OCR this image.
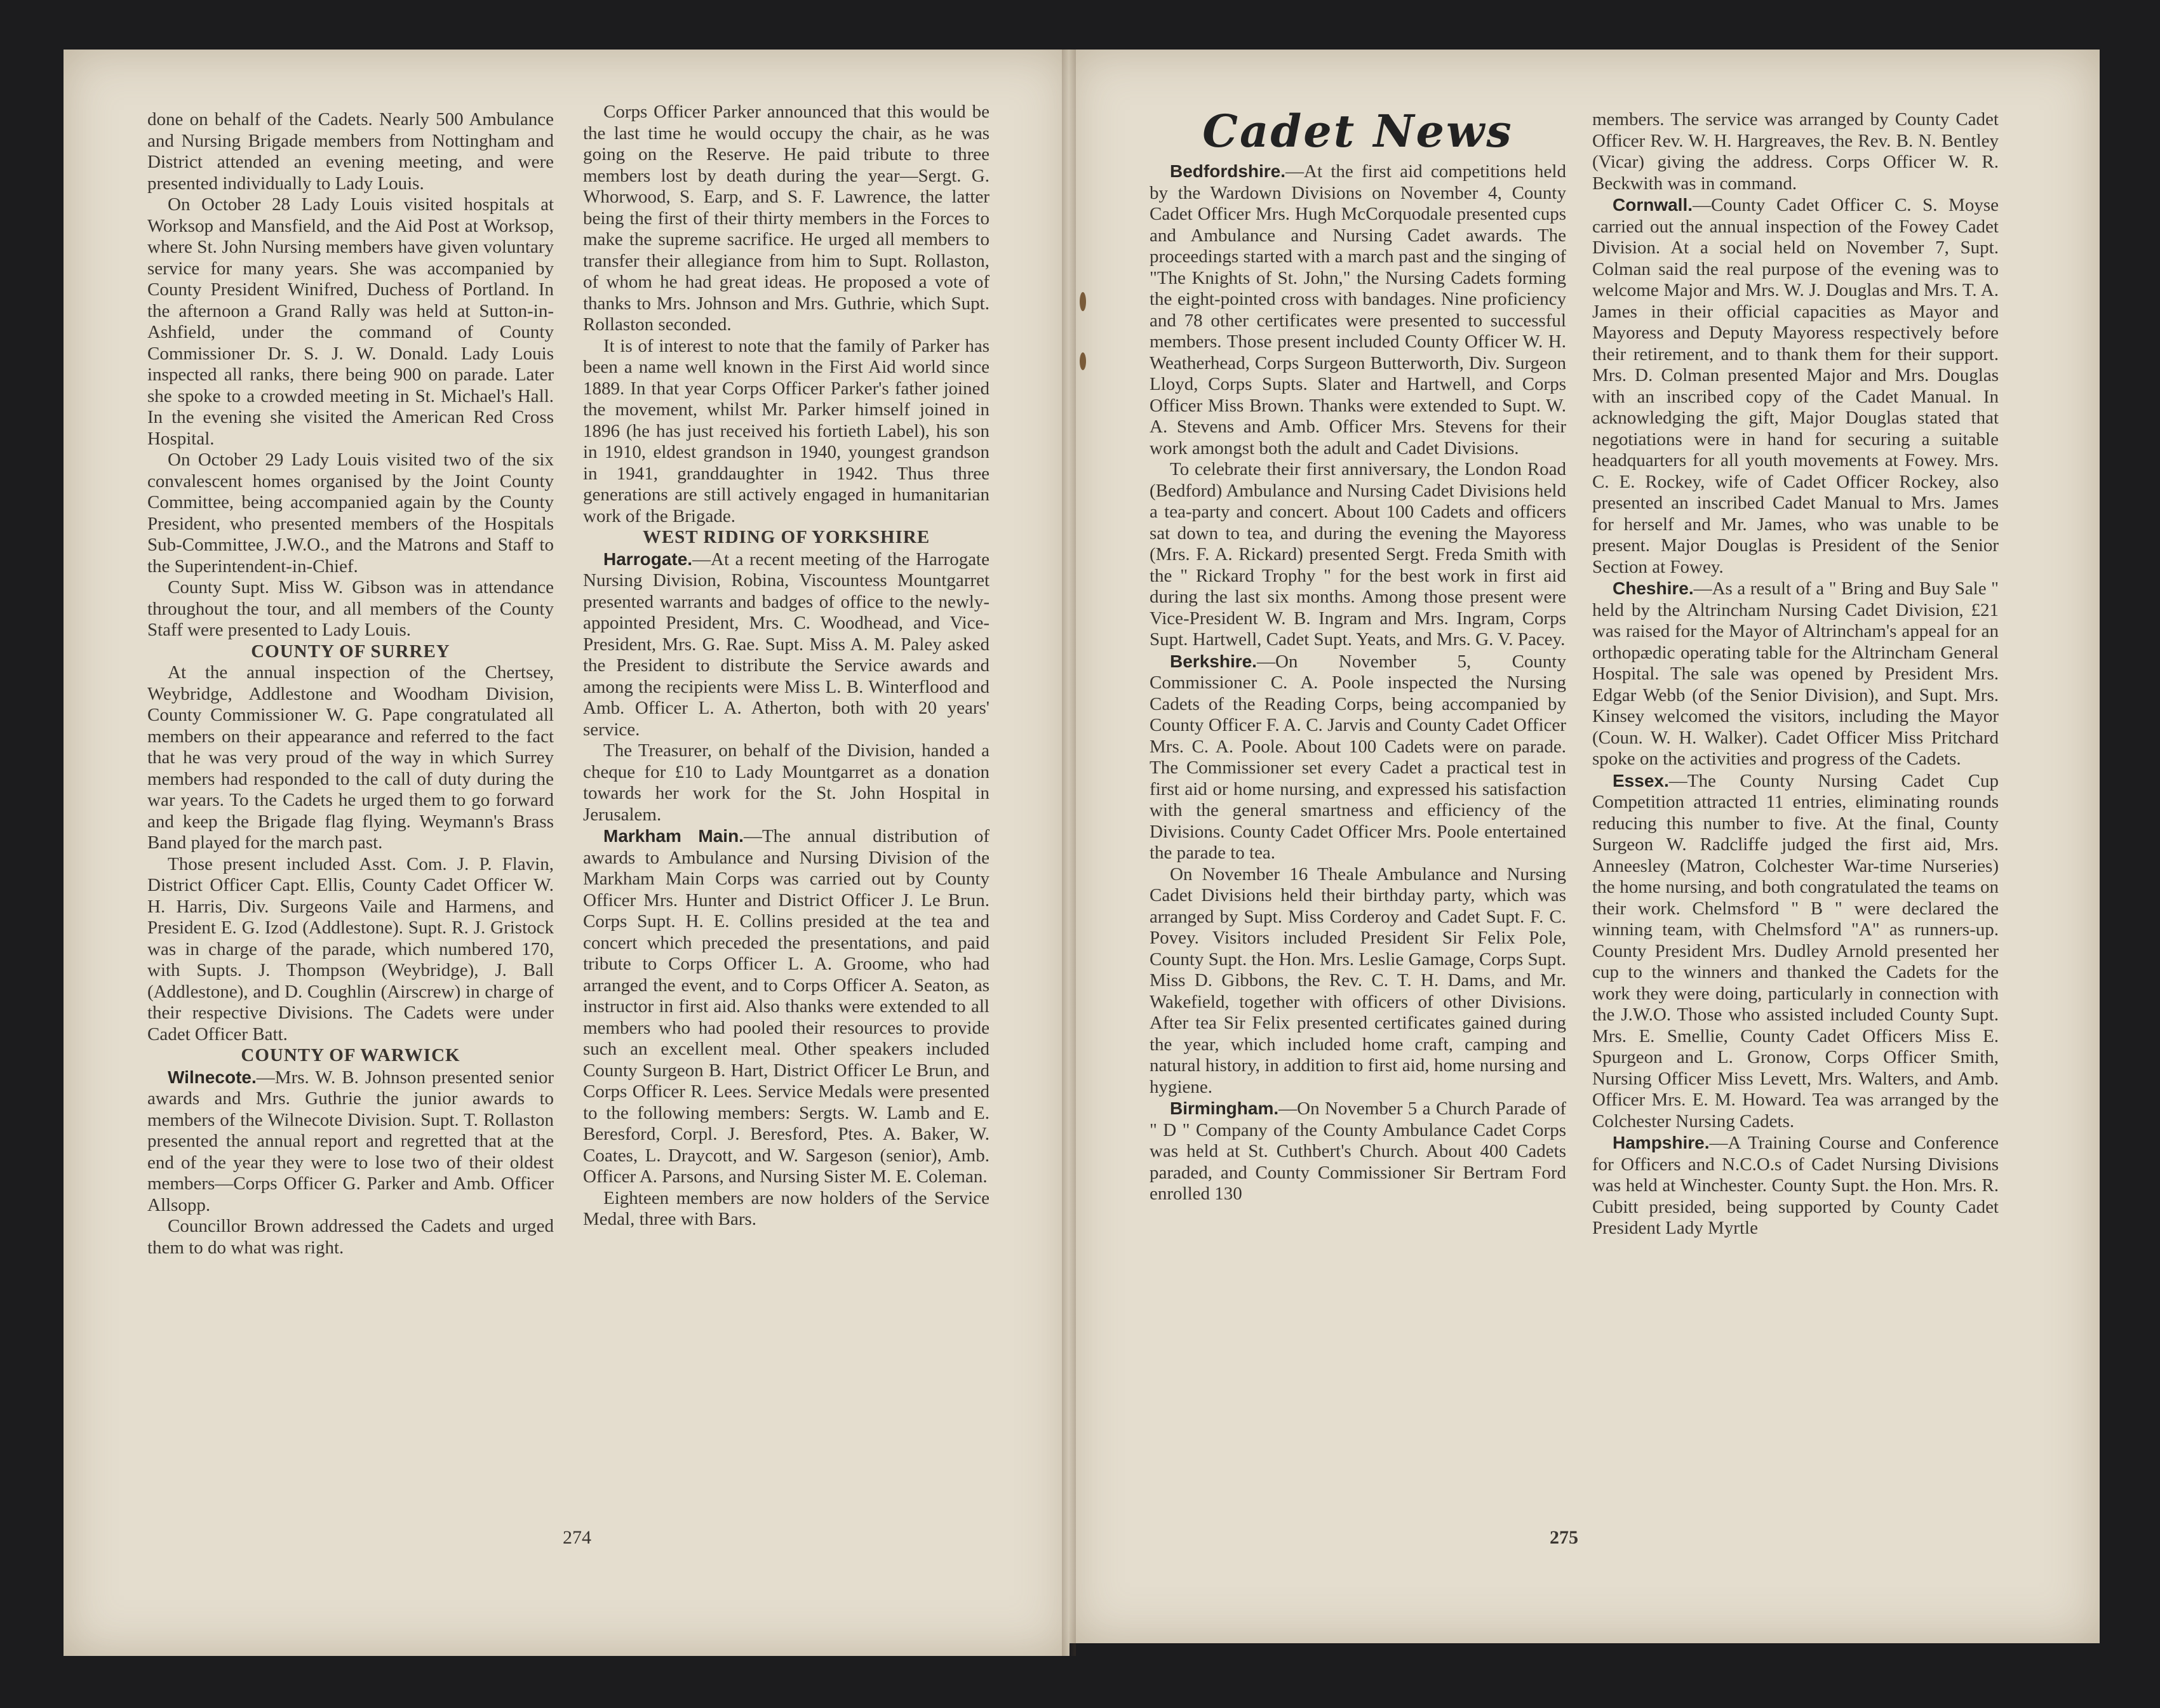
Cadet News

done on behalf of the Cadets. Nearly 500 Ambulance and Nursing Brigade members from Nottingham and District attended an evening meeting, and were presented individually to Lady Louis.

On October 28 Lady Louis visited hospitals at Worksop and Mansfield, and the Aid Post at Worksop, where St. John Nursing members have given voluntary service for many years. She was accompanied by County President Winifred, Duchess of Portland. In the afternoon a Grand Rally was held at Sutton-in-Ashfield, under the command of County Commissioner Dr. S. J. W. Donald. Lady Louis inspected all ranks, there being 900 on parade. Later she spoke to a crowded meeting in St. Michael's Hall. In the evening she visited the American Red Cross Hospital.

On October 29 Lady Louis visited two of the six convalescent homes organised by the Joint County Committee, being accompanied again by the County President, who presented members of the Hospitals Sub-Committee, J.W.O., and the Matrons and Staff to the Superintendent-in-Chief.

County Supt. Miss W. Gibson was in attendance throughout the tour, and all members of the County Staff were presented to Lady Louis.

COUNTY OF SURREY

At the annual inspection of the Chertsey, Weybridge, Addlestone and Woodham Division, County Commissioner W. G. Pape congratulated all members on their appearance and referred to the fact that he was very proud of the way in which Surrey members had responded to the call of duty during the war years. To the Cadets he urged them to go forward and keep the Brigade flag flying. Weymann's Brass Band played for the march past.

Those present included Asst. Com. J. P. Flavin, District Officer Capt. Ellis, County Cadet Officer W. H. Harris, Div. Surgeons Vaile and Harmens, and President E. G. Izod (Addlestone). Supt. R. J. Gristock was in charge of the parade, which numbered 170, with Supts. J. Thompson (Weybridge), J. Ball (Addlestone), and D. Coughlin (Airscrew) in charge of their respective Divisions. The Cadets were under Cadet Officer Batt.

COUNTY OF WARWICK

Wilnecote.—Mrs. W. B. Johnson presented senior awards and Mrs. Guthrie the junior awards to members of the Wilnecote Division. Supt. T. Rollaston presented the annual report and regretted that at the end of the year they were to lose two of their oldest members—Corps Officer G. Parker and Amb. Officer Allsopp.

Councillor Brown addressed the Cadets and urged them to do what was right.

Corps Officer Parker announced that this would be the last time he would occupy the chair, as he was going on the Reserve. He paid tribute to three members lost by death during the year—Sergt. G. Whorwood, S. Earp, and S. F. Lawrence, the latter being the first of their thirty members in the Forces to make the supreme sacrifice. He urged all members to transfer their allegiance from him to Supt. Rollaston, of whom he had great ideas. He proposed a vote of thanks to Mrs. Johnson and Mrs. Guthrie, which Supt. Rollaston seconded.

It is of interest to note that the family of Parker has been a name well known in the First Aid world since 1889. In that year Corps Officer Parker's father joined the movement, whilst Mr. Parker himself joined in 1896 (he has just received his fortieth Label), his son in 1910, eldest grandson in 1940, youngest grandson in 1941, granddaughter in 1942. Thus three generations are still actively engaged in humanitarian work of the Brigade.

WEST RIDING OF YORKSHIRE

Harrogate.—At a recent meeting of the Harrogate Nursing Division, Robina, Viscountess Mountgarret presented warrants and badges of office to the newly-appointed President, Mrs. C. Woodhead, and Vice-President, Mrs. G. Rae. Supt. Miss A. M. Paley asked the President to distribute the Service awards and among the recipients were Miss L. B. Winterflood and Amb. Officer L. A. Atherton, both with 20 years' service.

The Treasurer, on behalf of the Division, handed a cheque for £10 to Lady Mountgarret as a donation towards her work for the St. John Hospital in Jerusalem.

Markham Main.—The annual distribution of awards to Ambulance and Nursing Division of the Markham Main Corps was carried out by County Officer Mrs. Hunter and District Officer J. Le Brun. Corps Supt. H. E. Collins presided at the tea and concert which preceded the presentations, and paid tribute to Corps Officer L. A. Groome, who had arranged the event, and to Corps Officer A. Seaton, as instructor in first aid. Also thanks were extended to all members who had pooled their resources to provide such an excellent meal. Other speakers included County Surgeon B. Hart, District Officer Le Brun, and Corps Officer R. Lees. Service Medals were presented to the following members: Sergts. W. Lamb and E. Beresford, Corpl. J. Beresford, Ptes. A. Baker, W. Coates, L. Draycott, and W. Sargeson (senior), Amb. Officer A. Parsons, and Nursing Sister M. E. Coleman.

Eighteen members are now holders of the Service Medal, three with Bars.

Bedfordshire.—At the first aid competitions held by the Wardown Divisions on November 4, County Cadet Officer Mrs. Hugh McCorquodale presented cups and Ambulance and Nursing Cadet awards. The proceedings started with a march past and the singing of "The Knights of St. John," the Nursing Cadets forming the eight-pointed cross with bandages. Nine proficiency and 78 other certificates were presented to successful members. Those present included County Officer W. H. Weatherhead, Corps Surgeon Butterworth, Div. Surgeon Lloyd, Corps Supts. Slater and Hartwell, and Corps Officer Miss Brown. Thanks were extended to Supt. W. A. Stevens and Amb. Officer Mrs. Stevens for their work amongst both the adult and Cadet Divisions.

To celebrate their first anniversary, the London Road (Bedford) Ambulance and Nursing Cadet Divisions held a tea-party and concert. About 100 Cadets and officers sat down to tea, and during the evening the Mayoress (Mrs. F. A. Rickard) presented Sergt. Freda Smith with the " Rickard Trophy " for the best work in first aid during the last six months. Among those present were Vice-President W. B. Ingram and Mrs. Ingram, Corps Supt. Hartwell, Cadet Supt. Yeats, and Mrs. G. V. Pacey.

Berkshire.—On November 5, County Commissioner C. A. Poole inspected the Nursing Cadets of the Reading Corps, being accompanied by County Officer F. A. C. Jarvis and County Cadet Officer Mrs. C. A. Poole. About 100 Cadets were on parade. The Commissioner set every Cadet a practical test in first aid or home nursing, and expressed his satisfaction with the general smartness and efficiency of the Divisions. County Cadet Officer Mrs. Poole entertained the parade to tea.

On November 16 Theale Ambulance and Nursing Cadet Divisions held their birthday party, which was arranged by Supt. Miss Corderoy and Cadet Supt. F. C. Povey. Visitors included President Sir Felix Pole, County Supt. the Hon. Mrs. Leslie Gamage, Corps Supt. Miss D. Gibbons, the Rev. C. T. H. Dams, and Mr. Wakefield, together with officers of other Divisions. After tea Sir Felix presented certificates gained during the year, which included home craft, camping and natural history, in addition to first aid, home nursing and hygiene.

Birmingham.—On November 5 a Church Parade of " D " Company of the County Ambulance Cadet Corps was held at St. Cuthbert's Church. About 400 Cadets paraded, and County Commissioner Sir Bertram Ford enrolled 130

members. The service was arranged by County Cadet Officer Rev. W. H. Hargreaves, the Rev. B. N. Bentley (Vicar) giving the address. Corps Officer W. R. Beckwith was in command.

Cornwall.—County Cadet Officer C. S. Moyse carried out the annual inspection of the Fowey Cadet Division. At a social held on November 7, Supt. Colman said the real purpose of the evening was to welcome Major and Mrs. W. J. Douglas and Mrs. T. A. James in their official capacities as Mayor and Mayoress and Deputy Mayoress respectively before their retirement, and to thank them for their support. Mrs. D. Colman presented Major and Mrs. Douglas with an inscribed copy of the Cadet Manual. In acknowledging the gift, Major Douglas stated that negotiations were in hand for securing a suitable headquarters for all youth movements at Fowey. Mrs. C. E. Rockey, wife of Cadet Officer Rockey, also presented an inscribed Cadet Manual to Mrs. James for herself and Mr. James, who was unable to be present. Major Douglas is President of the Senior Section at Fowey.

Cheshire.—As a result of a " Bring and Buy Sale " held by the Altrincham Nursing Cadet Division, £21 was raised for the Mayor of Altrincham's appeal for an orthopædic operating table for the Altrincham General Hospital. The sale was opened by President Mrs. Edgar Webb (of the Senior Division), and Supt. Mrs. Kinsey welcomed the visitors, including the Mayor (Coun. W. H. Walker). Cadet Officer Miss Pritchard spoke on the activities and progress of the Cadets.

Essex.—The County Nursing Cadet Cup Competition attracted 11 entries, eliminating rounds reducing this number to five. At the final, County Surgeon W. Radcliffe judged the first aid, Mrs. Anneesley (Matron, Colchester War-time Nurseries) the home nursing, and both congratulated the teams on their work. Chelmsford " B " were declared the winning team, with Chelmsford "A" as runners-up. County President Mrs. Dudley Arnold presented her cup to the winners and thanked the Cadets for the work they were doing, particularly in connection with the J.W.O. Those who assisted included County Supt. Mrs. E. Smellie, County Cadet Officers Miss E. Spurgeon and L. Gronow, Corps Officer Smith, Nursing Officer Miss Levett, Mrs. Walters, and Amb. Officer Mrs. E. M. Howard. Tea was arranged by the Colchester Nursing Cadets.

Hampshire.—A Training Course and Conference for Officers and N.C.O.s of Cadet Nursing Divisions was held at Winchester. County Supt. the Hon. Mrs. R. Cubitt presided, being supported by County Cadet President Lady Myrtle

274	275
